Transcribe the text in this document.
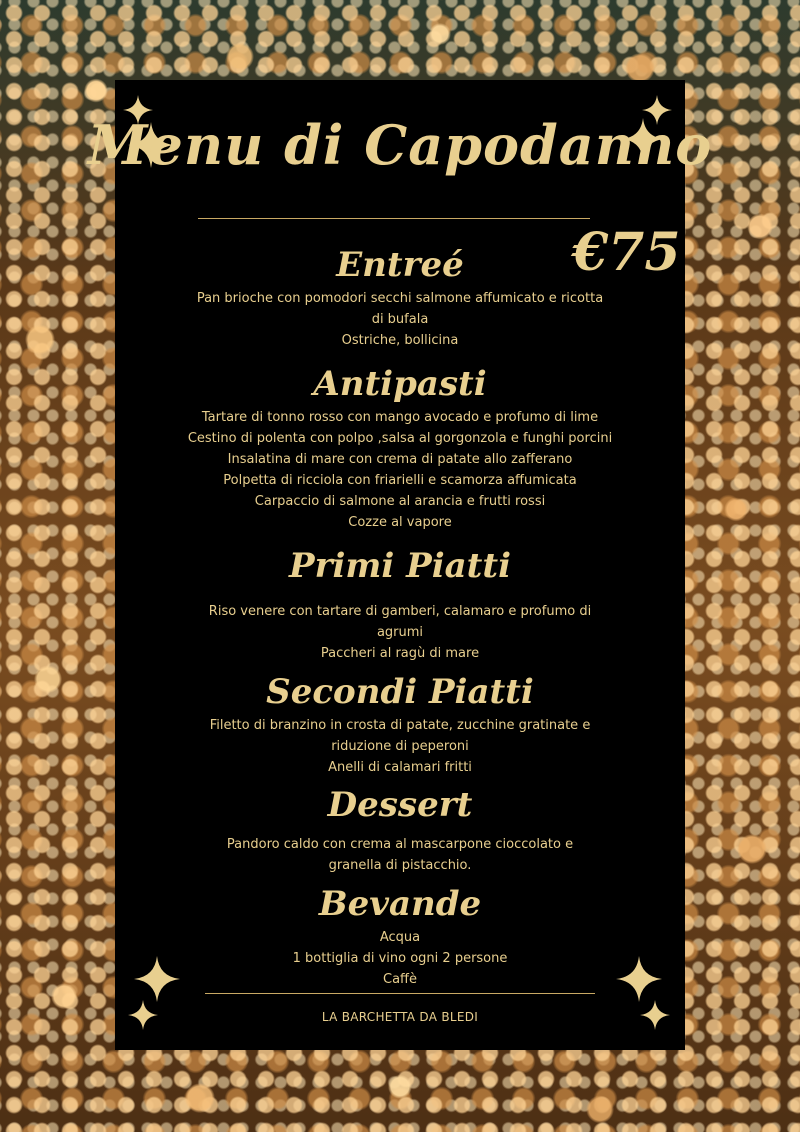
Menu di Capodanno
€75
Entreé

Pan brioche con pomodori secchi salmone affumicato e ricotta

di bufala

Ostriche, bollicina

Antipasti

Tartare di tonno rosso con mango avocado e profumo di lime

Cestino di polenta con polpo ,salsa al gorgonzola e funghi porcini

Insalatina di mare con crema di patate allo zafferano

Polpetta di ricciola con friarielli e scamorza affumicata

Carpaccio di salmone al arancia e frutti rossi

Cozze al vapore

Primi Piatti

Riso venere con tartare di gamberi, calamaro e profumo di

agrumi

Paccheri al ragù di mare

Secondi Piatti

Filetto di branzino in crosta di patate, zucchine gratinate e

riduzione di peperoni

Anelli di calamari fritti

Dessert

Pandoro caldo con crema al mascarpone cioccolato e

granella di pistacchio.

Bevande

Acqua

1 bottiglia di vino ogni 2 persone

Caffè

LA BARCHETTA DA BLEDI
